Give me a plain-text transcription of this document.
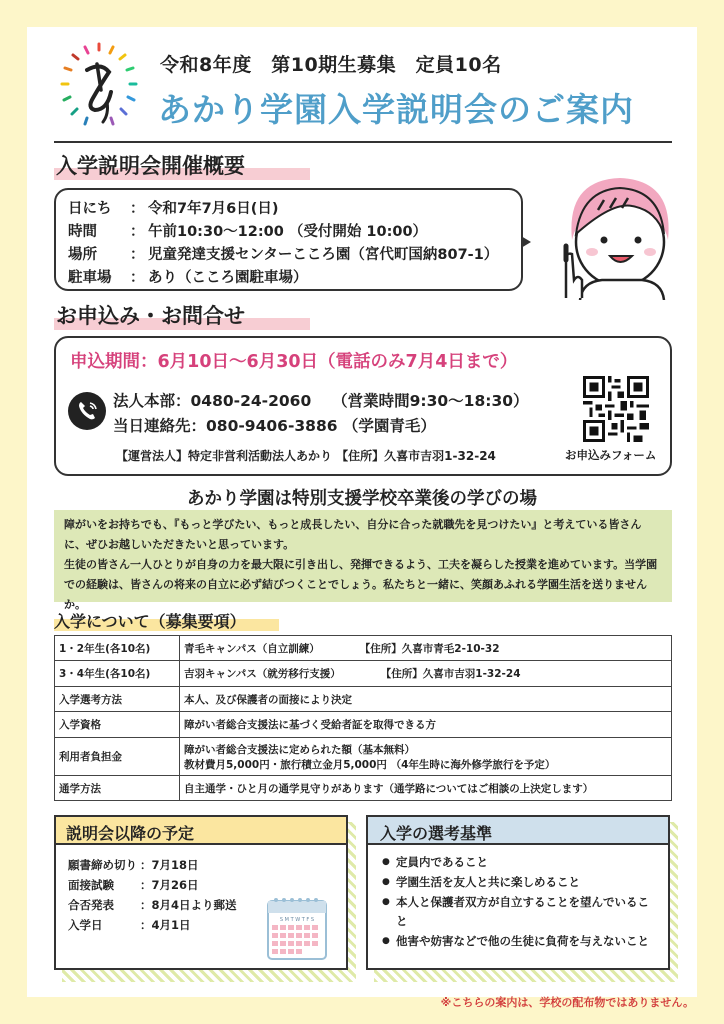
令和8年度　第10期生募集　定員10名
あかり学園入学説明会のご案内
入学説明会開催概要
日にち ： 令和7年7月6日(日)
時間 ： 午前10:30～12:00 （受付開始 10:00）
場所 ： 児童発達支援センターこころ園（宮代町国納807-1）
駐車場 ： あり（こころ園駐車場）
お申込み・お問合せ
申込期間：6月10日～6月30日（電話のみ7月4日まで）
法人本部：0480-24-2060　 （営業時間9:30～18:30）
当日連絡先：080-9406-3886 （学園青毛）
【運営法人】特定非営利活動法人あかり 【住所】久喜市吉羽1-32-24	お申込みフォーム
あかり学園は特別支援学校卒業後の学びの場

障がいをお持ちでも、『もっと学びたい、もっと成長したい、自分に合った就職先を見つけたい』と考えている皆さんに、ぜひお越しいただきたいと思っています。

生徒の皆さん一人ひとりが自身の力を最大限に引き出し、発揮できるよう、工夫を凝らした授業を進めています。当学園での経験は、皆さんの将来の自立に必ず結びつくことでしょう。私たちと一緒に、笑顔あふれる学園生活を送りませんか。

入学について（募集要項）
1・2年生(各10名)	青毛キャンパス（自立訓練） 【住所】久喜市青毛2-10-32
3・4年生(各10名)	吉羽キャンパス（就労移行支援） 【住所】久喜市吉羽1-32-24
入学選考方法	本人、及び保護者の面接により決定
入学資格	障がい者総合支援法に基づく受給者証を取得できる方
利用者負担金	障がい者総合支援法に定められた額（基本無料）
教材費月5,000円・旅行積立金月5,000円 （4年生時に海外修学旅行を予定）

通学方法	自主通学・ひと月の通学見守りがあります（通学路についてはご相談の上決定します）
説明会以降の予定
願書締め切り ：7月18日
面接試験 ：7月26日
合否発表 ：8月4日より郵送
入学日	：4月1日	S M T W T F S
入学の選考基準
● 定員内であること
● 学園生活を友人と共に楽しめること
● 本人と保護者双方が自立することを望んでいること
● 他害や妨害などで他の生徒に負荷を与えないこと
※こちらの案内は、学校の配布物ではありません。
